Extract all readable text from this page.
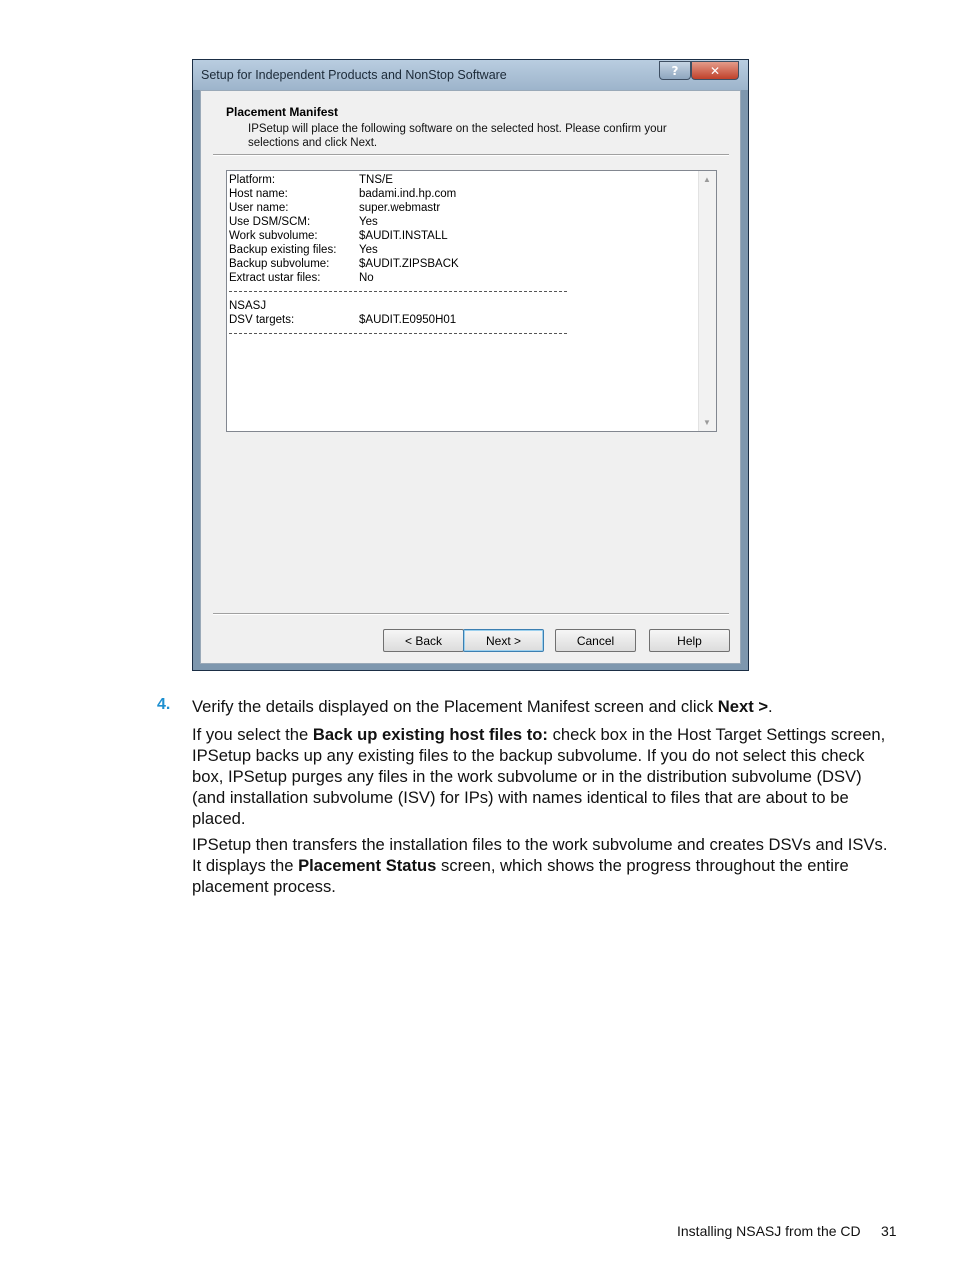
Setup for Independent Products and NonStop Software	?	✕
Placement Manifest
IPSetup will place the following software on the selected host. Please confirm your selections and click Next.
Platform:	TNS/E
Host name:	badami.ind.hp.com
User name:	super.webmastr
Use DSM/SCM:	Yes
Work subvolume:	$AUDIT.INSTALL
Backup existing files: Yes
Backup subvolume:	$AUDIT.ZIPSBACK
Extract ustar files:	No
NSASJ
DSV targets:	$AUDIT.E0950H01
▲
▼
< Back	Next >	Cancel	Help
4. Verify the details displayed on the Placement Manifest screen and click Next >.
If you select the Back up existing host files to: check box in the Host Target Settings screen, IPSetup backs up any existing files to the backup subvolume. If you do not select this check box, IPSetup purges any files in the work subvolume or in the distribution subvolume (DSV) (and installation subvolume (ISV) for IPs) with names identical to files that are about to be placed.
IPSetup then transfers the installation files to the work subvolume and creates DSVs and ISVs. It displays the Placement Status screen, which shows the progress throughout the entire placement process.
Installing NSASJ from the CD 31
